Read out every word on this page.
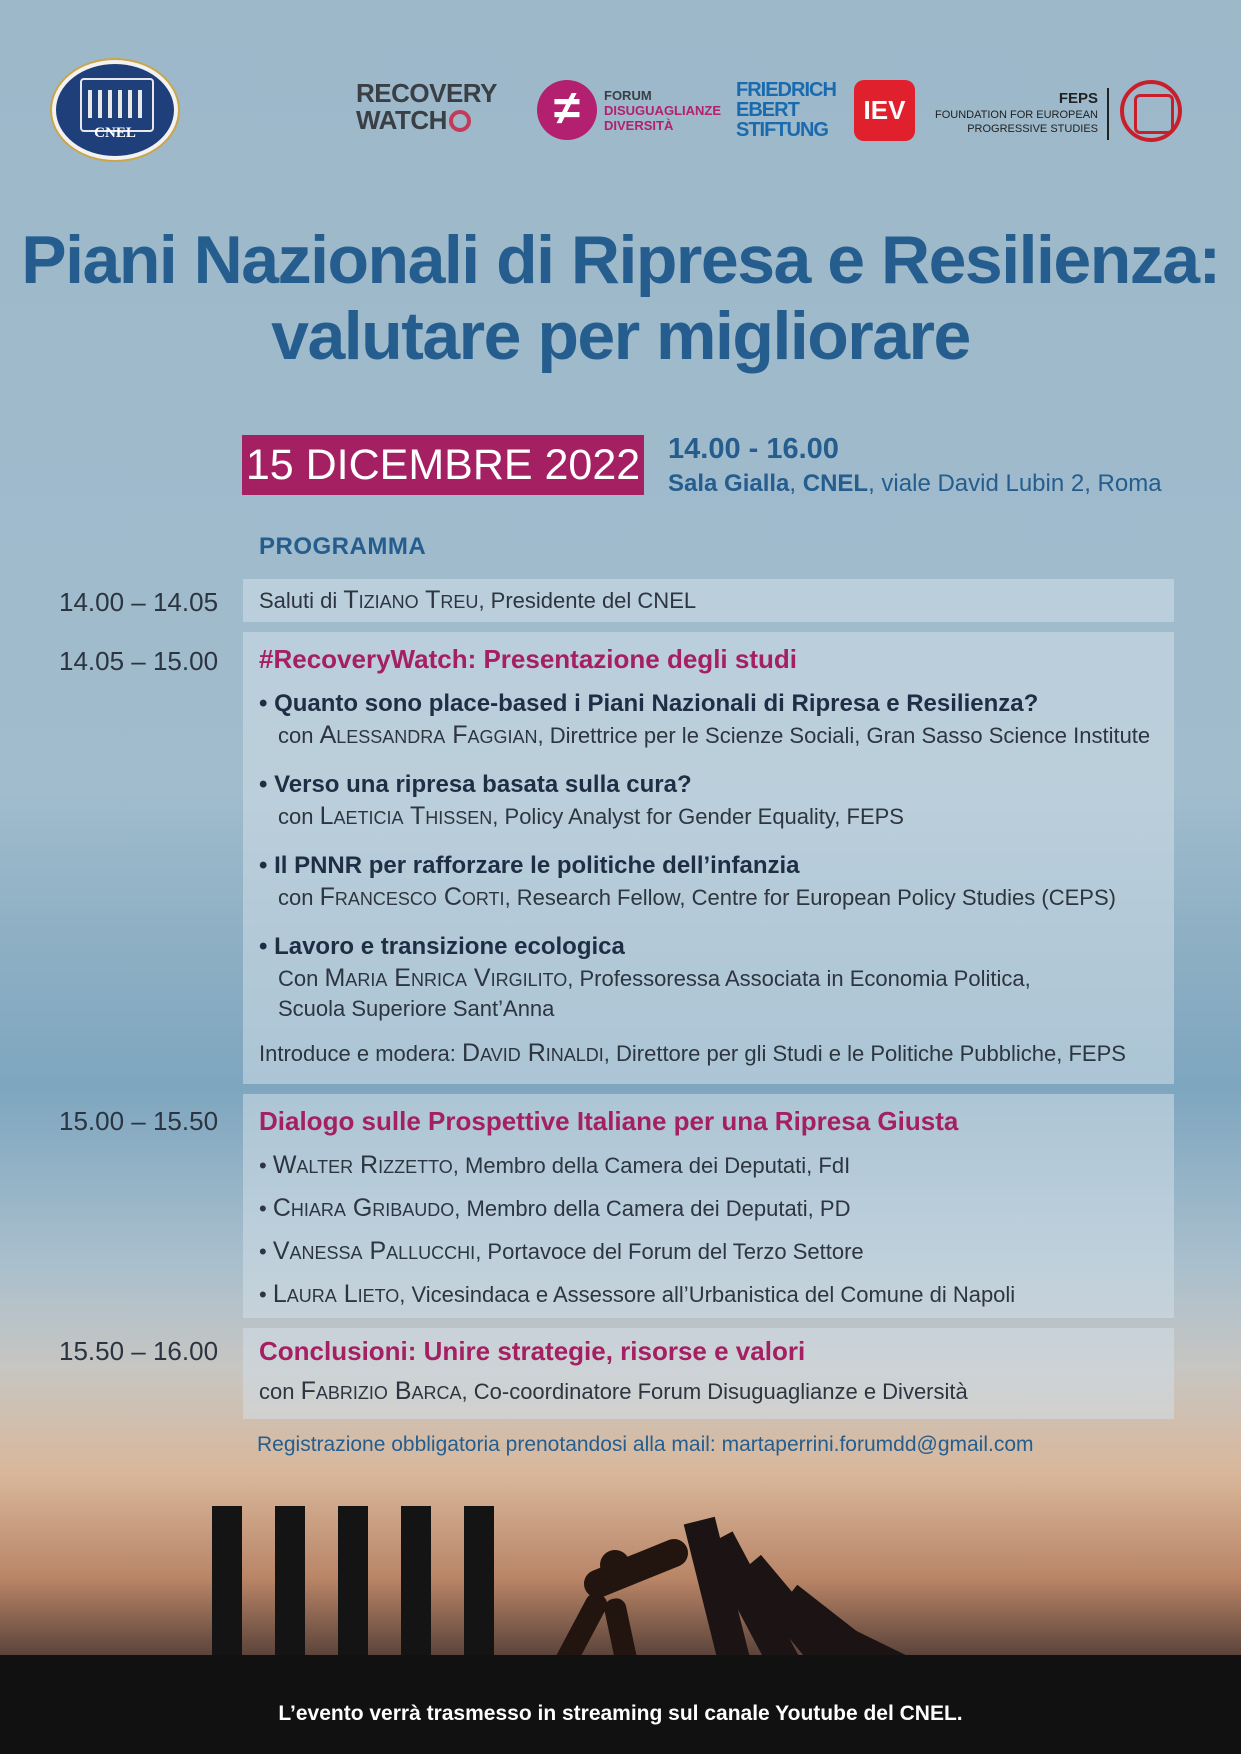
CNEL
RECOVERY
WATCH	≠	FORUM
DISUGUAGLIANZE
DIVERSITÀ
FRIEDRICH
EBERT
STIFTUNG
IEV	FEPS
FOUNDATION FOR EUROPEAN
PROGRESSIVE STUDIES
Piani Nazionali di Ripresa e Resilienza:
valutare per migliorare
15 DICEMBRE 2022 14.00 - 16.00
Sala Gialla, CNEL, viale David Lubin 2, Roma
PROGRAMMA
14.00 – 14.05 Saluti di Tiziano Treu, Presidente del CNEL
14.05 – 15.00 #RecoveryWatch: Presentazione degli studi
• Quanto sono place-based i Piani Nazionali di Ripresa e Resilienza?
con Alessandra Faggian, Direttrice per le Scienze Sociali, Gran Sasso Science Institute
• Verso una ripresa basata sulla cura?
con Laeticia Thissen, Policy Analyst for Gender Equality, FEPS
• Il PNNR per rafforzare le politiche dell’infanzia
con Francesco Corti, Research Fellow, Centre for European Policy Studies (CEPS)
• Lavoro e transizione ecologica
Con Maria Enrica Virgilito, Professoressa Associata in Economia Politica,
Scuola Superiore Sant’Anna
Introduce e modera: David Rinaldi, Direttore per gli Studi e le Politiche Pubbliche, FEPS
15.00 – 15.50 Dialogo sulle Prospettive Italiane per una Ripresa Giusta
• Walter Rizzetto, Membro della Camera dei Deputati, FdI
• Chiara Gribaudo, Membro della Camera dei Deputati, PD
• Vanessa Pallucchi, Portavoce del Forum del Terzo Settore
• Laura Lieto, Vicesindaca e Assessore all’Urbanistica del Comune di Napoli
15.50 – 16.00 Conclusioni: Unire strategie, risorse e valori
con Fabrizio Barca, Co-coordinatore Forum Disuguaglianze e Diversità
Registrazione obbligatoria prenotandosi alla mail: martaperrini.forumdd@gmail.com
L’evento verrà trasmesso in streaming sul canale Youtube del CNEL.
